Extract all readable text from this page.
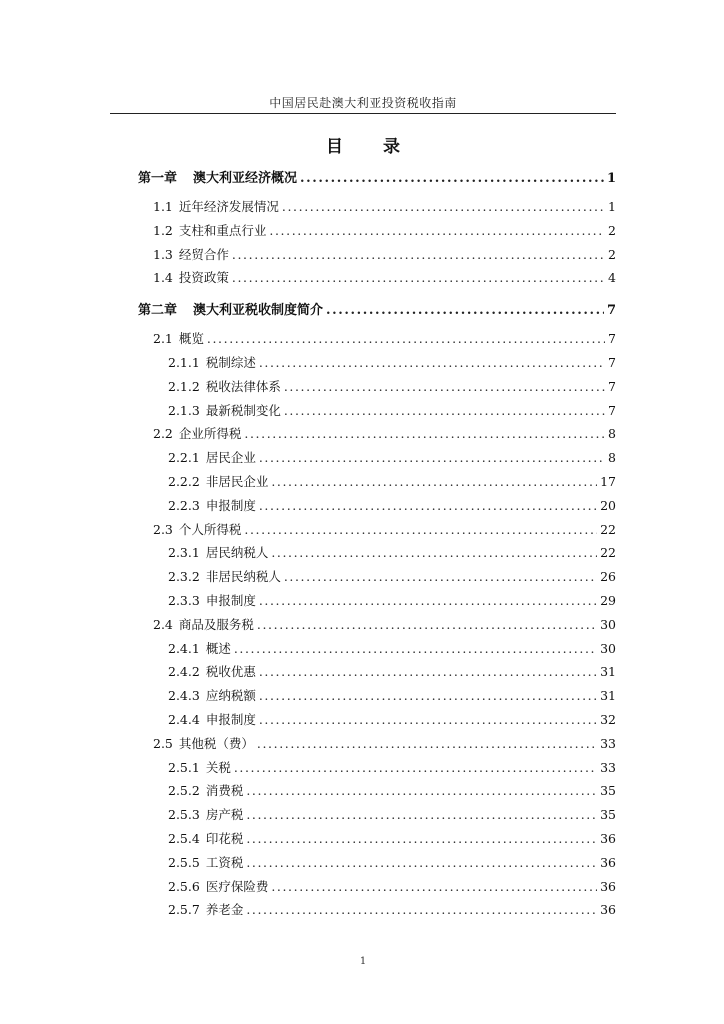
中国居民赴澳大利亚投资税收指南
目录
第一章 澳大利亚经济概况 .....	1
1.1 近年经济发展情况 .....	1
1.2 支柱和重点行业 .....	2
1.3 经贸合作 .....	2
1.4 投资政策 .....	4
第二章 澳大利亚税收制度简介 .....	7
2.1 概览 .....	7
2.1.1 税制综述 .....	7
2.1.2 税收法律体系 .....	7
2.1.3 最新税制变化 .....	7
2.2 企业所得税 .....	8
2.2.1 居民企业 .....	8
2.2.2 非居民企业 .....	17
2.2.3 申报制度 .....	20
2.3 个人所得税 .....	22
2.3.1 居民纳税人 .....	22
2.3.2 非居民纳税人 .....	26
2.3.3 申报制度 .....	29
2.4 商品及服务税 .....	30
2.4.1 概述 .....	30
2.4.2 税收优惠 .....	31
2.4.3 应纳税额 .....	31
2.4.4 申报制度 .....	32
2.5 其他税（费） .....	33
2.5.1 关税 .....	33
2.5.2 消费税 .....	35
2.5.3 房产税 .....	35
2.5.4 印花税 .....	36
2.5.5 工资税 .....	36
2.5.6 医疗保险费 .....	36
2.5.7 养老金 .....	36
1
